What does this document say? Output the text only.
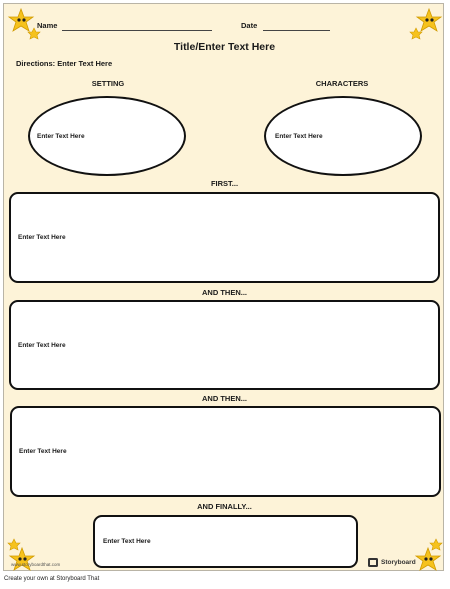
Name	Date
Title/Enter Text Here
Directions: Enter Text Here
SETTING	CHARACTERS
Enter Text Here	Enter Text Here
FIRST...
Enter Text Here
AND THEN...
Enter Text Here
AND THEN...
Enter Text Here
AND FINALLY...
Enter Text Here
www.storyboardthat.com	Storyboard
Create your own at Storyboard That
